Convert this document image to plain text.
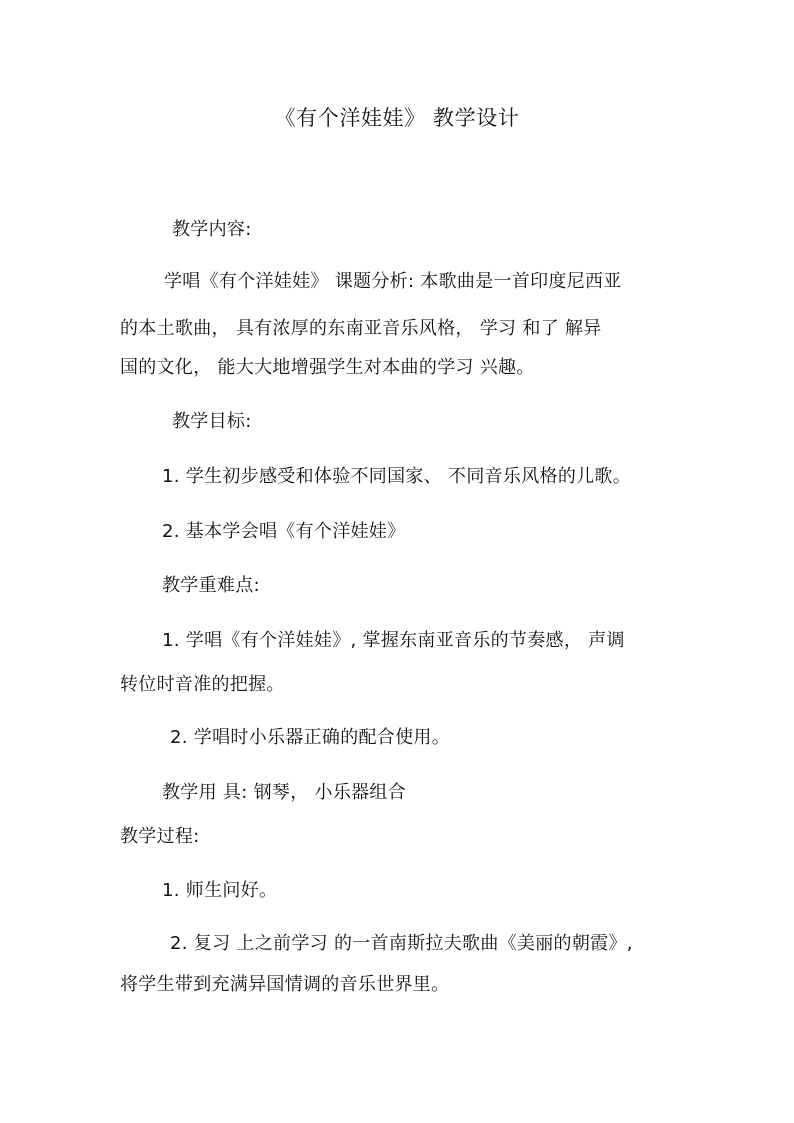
《有个洋娃娃》 教学设计
教学内容:
学唱《有个洋娃娃》 课题分析: 本歌曲是一首印度尼西亚
的本土歌曲， 具有浓厚的东南亚音乐风格， 学习 和了 解异
国的文化， 能大大地增强学生对本曲的学习 兴趣。
教学目标:
1. 学生初步感受和体验不同国家、 不同音乐风格的儿歌。
2. 基本学会唱《有个洋娃娃》
教学重难点:
1. 学唱《有个洋娃娃》, 掌握东南亚音乐的节奏感， 声调
转位时音准的把握。
2. 学唱时小乐器正确的配合使用。
教学用 具: 钢琴， 小乐器组合
教学过程:
1. 师生问好。
2. 复习 上之前学习 的一首南斯拉夫歌曲《美丽的朝霞》,
将学生带到充满异国情调的音乐世界里。
